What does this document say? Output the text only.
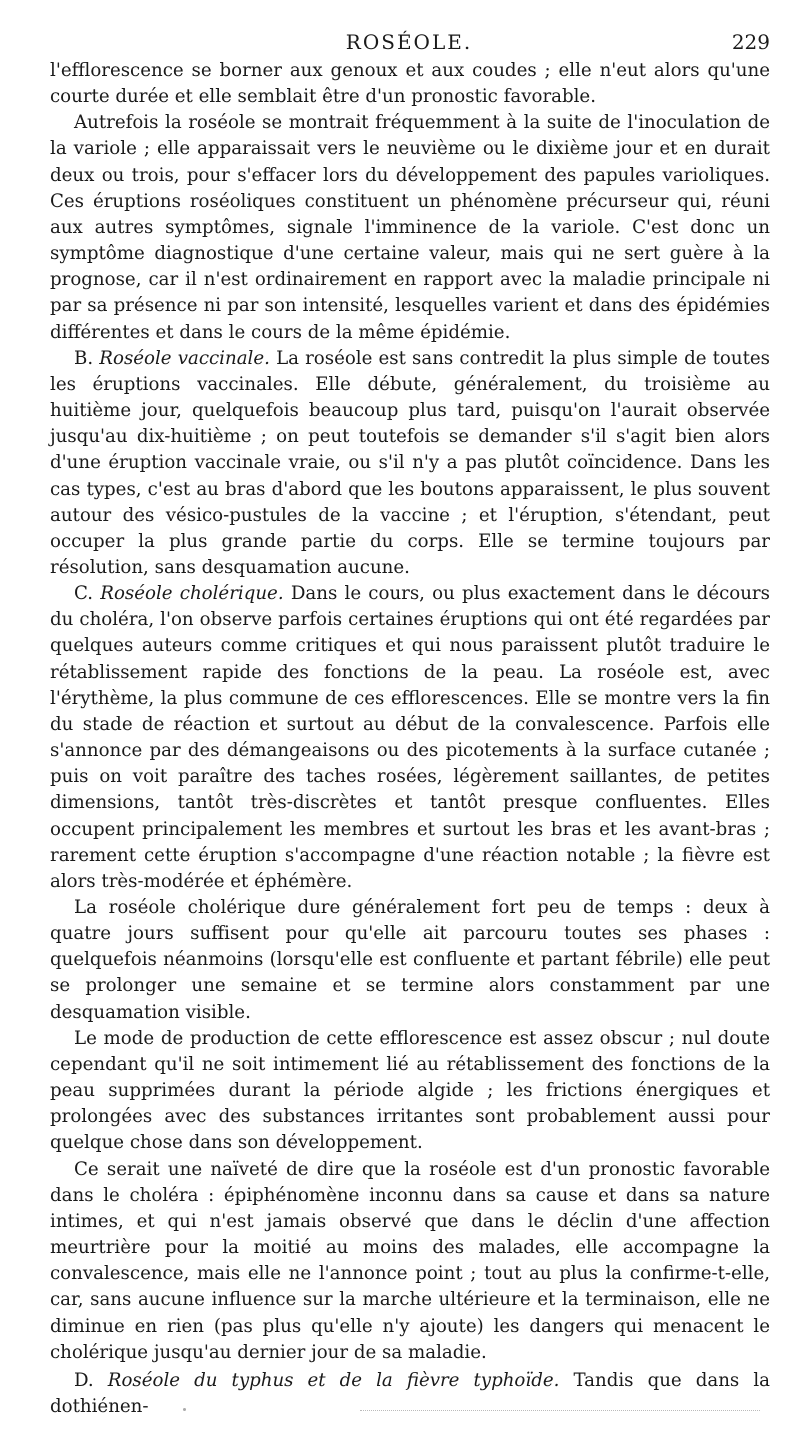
ROSÉOLE.	229

l'efflorescence se borner aux genoux et aux coudes ; elle n'eut alors qu'une courte durée et elle semblait être d'un pronostic favorable.

Autrefois la roséole se montrait fréquemment à la suite de l'inoculation de la variole ; elle apparaissait vers le neuvième ou le dixième jour et en durait deux ou trois, pour s'effacer lors du développement des papules varioliques. Ces éruptions roséoliques constituent un phénomène précurseur qui, réuni aux autres symptômes, signale l'imminence de la variole. C'est donc un symptôme diagnostique d'une certaine valeur, mais qui ne sert guère à la prognose, car il n'est ordinairement en rapport avec la maladie principale ni par sa présence ni par son intensité, lesquelles varient et dans des épidémies différentes et dans le cours de la même épidémie.

B. Roséole vaccinale. La roséole est sans contredit la plus simple de toutes les éruptions vaccinales. Elle débute, généralement, du troisième au huitième jour, quelquefois beaucoup plus tard, puisqu'on l'aurait observée jusqu'au dix-huitième ; on peut toutefois se demander s'il s'agit bien alors d'une éruption vaccinale vraie, ou s'il n'y a pas plutôt coïncidence. Dans les cas types, c'est au bras d'abord que les boutons apparaissent, le plus souvent autour des vésico-pustules de la vaccine ; et l'éruption, s'étendant, peut occuper la plus grande partie du corps. Elle se termine toujours par résolution, sans desquamation aucune.

C. Roséole cholérique. Dans le cours, ou plus exactement dans le décours du choléra, l'on observe parfois certaines éruptions qui ont été regardées par quelques auteurs comme critiques et qui nous paraissent plutôt traduire le rétablissement rapide des fonctions de la peau. La roséole est, avec l'érythème, la plus commune de ces efflorescences. Elle se montre vers la fin du stade de réaction et surtout au début de la convalescence. Parfois elle s'annonce par des démangeaisons ou des picotements à la surface cutanée ; puis on voit paraître des taches rosées, légèrement saillantes, de petites dimensions, tantôt très-discrètes et tantôt presque confluentes. Elles occupent principalement les membres et surtout les bras et les avant-bras ; rarement cette éruption s'accompagne d'une réaction notable ; la fièvre est alors très-modérée et éphémère.

La roséole cholérique dure généralement fort peu de temps : deux à quatre jours suffisent pour qu'elle ait parcouru toutes ses phases : quelquefois néanmoins (lorsqu'elle est confluente et partant fébrile) elle peut se prolonger une semaine et se termine alors constamment par une desquamation visible.

Le mode de production de cette efflorescence est assez obscur ; nul doute cependant qu'il ne soit intimement lié au rétablissement des fonctions de la peau supprimées durant la période algide ; les frictions énergiques et prolongées avec des substances irritantes sont probablement aussi pour quelque chose dans son développement.

Ce serait une naïveté de dire que la roséole est d'un pronostic favorable dans le choléra : épiphénomène inconnu dans sa cause et dans sa nature intimes, et qui n'est jamais observé que dans le déclin d'une affection meurtrière pour la moitié au moins des malades, elle accompagne la convalescence, mais elle ne l'annonce point ; tout au plus la confirme-t-elle, car, sans aucune influence sur la marche ultérieure et la terminaison, elle ne diminue en rien (pas plus qu'elle n'y ajoute) les dangers qui menacent le cholérique jusqu'au dernier jour de sa maladie.

D. Roséole du typhus et de la fièvre typhoïde. Tandis que dans la dothiénen-
